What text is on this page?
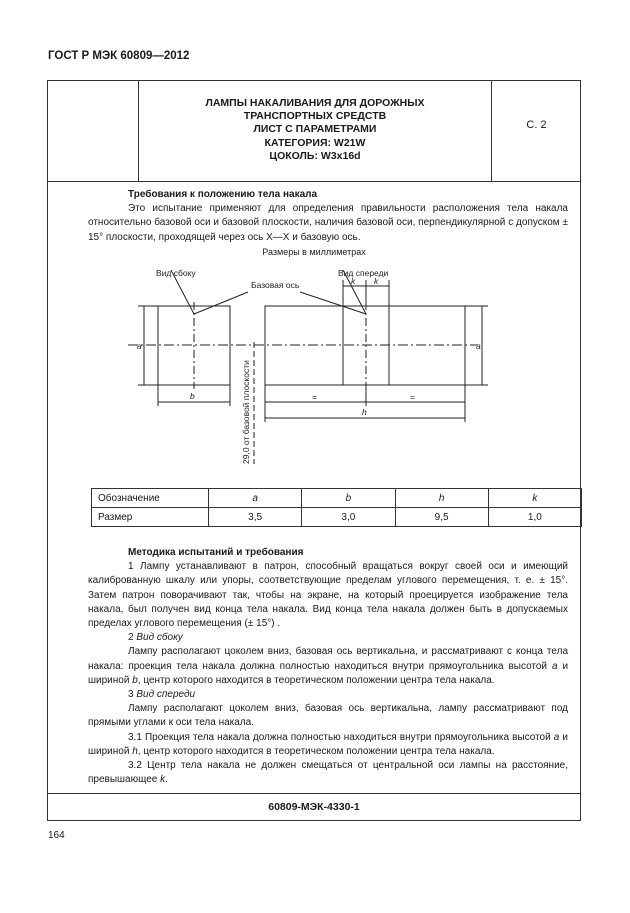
ГОСТ Р МЭК 60809—2012
ЛАМПЫ НАКАЛИВАНИЯ ДЛЯ ДОРОЖНЫХ
ТРАНСПОРТНЫХ СРЕДСТВ
ЛИСТ С ПАРАМЕТРАМИ
КАТЕГОРИЯ: W21W
ЦОКОЛЬ: W3x16d
С. 2
Требования к положению тела накала
Это испытание применяют для определения правильности расположения тела накала относительно базовой оси и базовой плоскости, наличия базовой оси, перпендикулярной с допуском ± 15° плоскости, проходящей через ось X—X и базовую ось.
Размеры в миллиметрах
Вид сбоку	Вид спереди
Базовая ось
a	a
b	=	=
h
k k
29,0 от базовой плоскости
Обозначение	a	b	h	k
Размер	3,5	3,0	9,5	1,0
Методика испытаний и требования
1 Лампу устанавливают в патрон, способный вращаться вокруг своей оси и имеющий калиброванную шкалу или упоры, соответствующие пределам углового перемещения, т. е. ± 15°. Затем патрон поворачивают так, чтобы на экране, на который проецируется изображение тела накала, был получен вид конца тела накала. Вид конца тела накала должен быть в допускаемых пределах углового перемещения (± 15°) .
2 Вид сбоку
Лампу располагают цоколем вниз, базовая ось вертикальна, и рассматривают с конца тела накала: проекция тела накала должна полностью находиться внутри прямоугольника высотой a и шириной b, центр которого находится в теоретическом положении центра тела накала.
3 Вид спереди
Лампу располагают цоколем вниз, базовая ось вертикальна, лампу рассматривают под прямыми углами к оси тела накала.
3.1 Проекция тела накала должна полностью находиться внутри прямоугольника высотой a и шириной h, центр которого находится в теоретическом положении центра тела накала.
3.2 Центр тела накала не должен смещаться от центральной оси лампы на расстояние, превышающее k.
60809-МЭК-4330-1
164
